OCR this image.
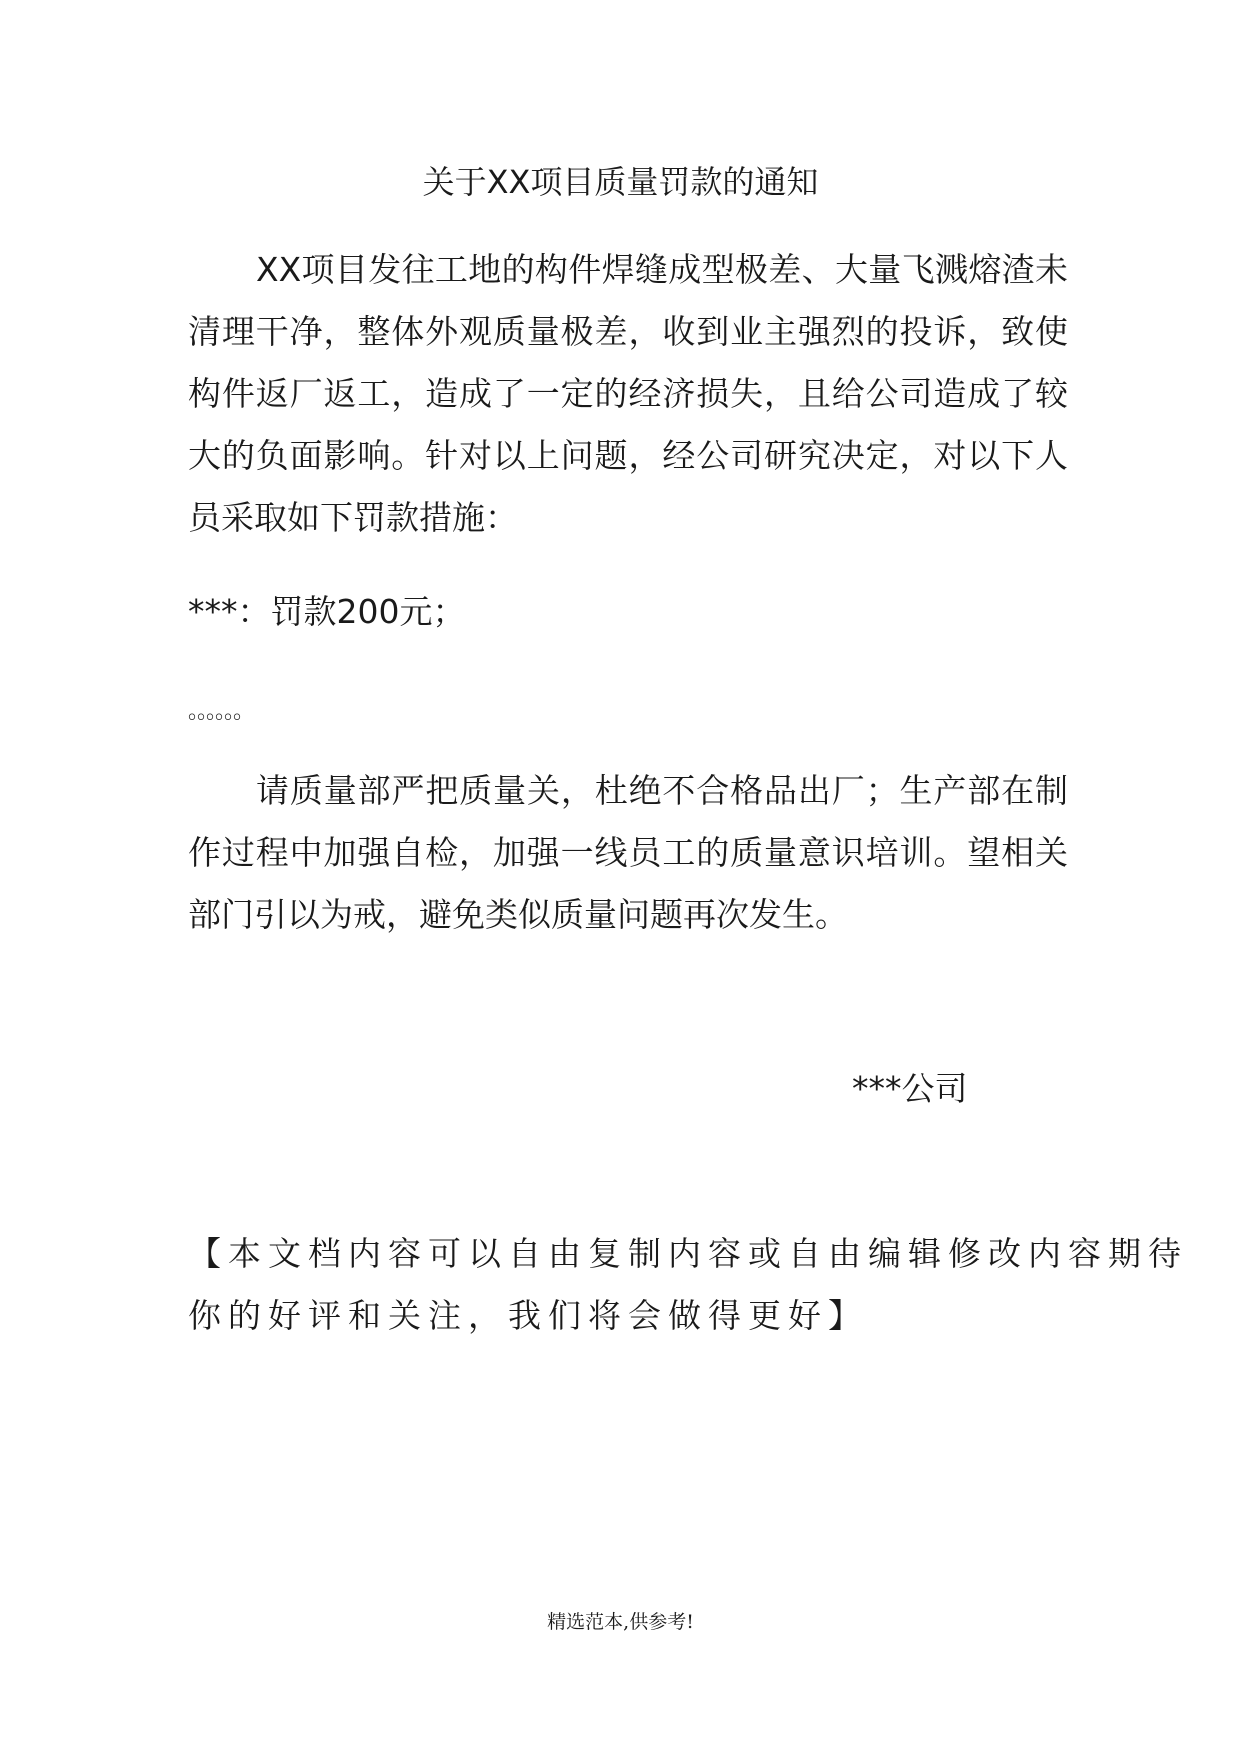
关于XX项目质量罚款的通知
XX项目发往工地的构件焊缝成型极差、大量飞溅熔渣未
清理干净，整体外观质量极差，收到业主强烈的投诉，致使
构件返厂返工，造成了一定的经济损失，且给公司造成了较
大的负面影响。针对以上问题，经公司研究决定，对以下人
员采取如下罚款措施：
***：罚款200元；
。。。。。。
请质量部严把质量关，杜绝不合格品出厂；生产部在制
作过程中加强自检，加强一线员工的质量意识培训。望相关
部门引以为戒，避免类似质量问题再次发生。
***公司
【本文档内容可以自由复制内容或自由编辑修改内容期待
你的好评和关注，我们将会做得更好】
精选范本,供参考!
